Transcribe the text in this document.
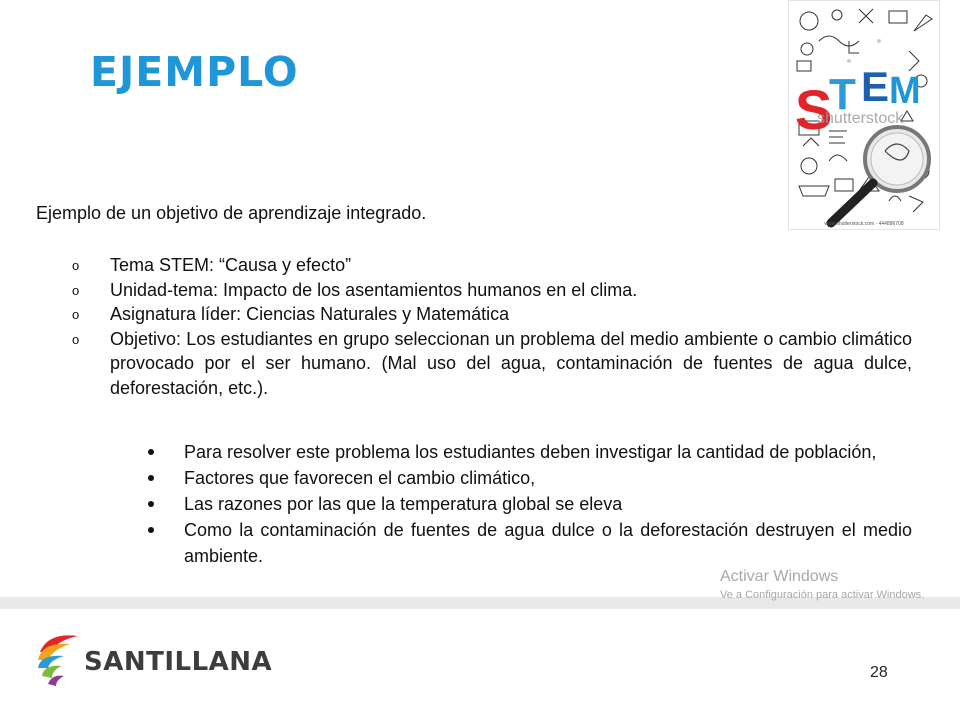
EJEMPLO
S
T E M
shutterstock
www.shutterstock.com · 444886708

Ejemplo de un objetivo de aprendizaje integrado.

o Tema STEM: “Causa y efecto”
o Unidad-tema: Impacto de los asentamientos humanos en el clima.
o Asignatura líder: Ciencias Naturales y Matemática
o Objetivo: Los estudiantes en grupo seleccionan un problema del medio ambiente o cambio climático provocado por el ser humano. (Mal uso del agua, contaminación de fuentes de agua dulce, deforestación, etc.).
Para resolver este problema los estudiantes deben investigar la cantidad de población,
Factores que favorecen el cambio climático,
Las razones por las que la temperatura global se eleva
Como la contaminación de fuentes de agua dulce o la deforestación destruyen el medio ambiente.
Activar Windows
Ve a Configuración para activar Windows.
SANTILLANA	28
